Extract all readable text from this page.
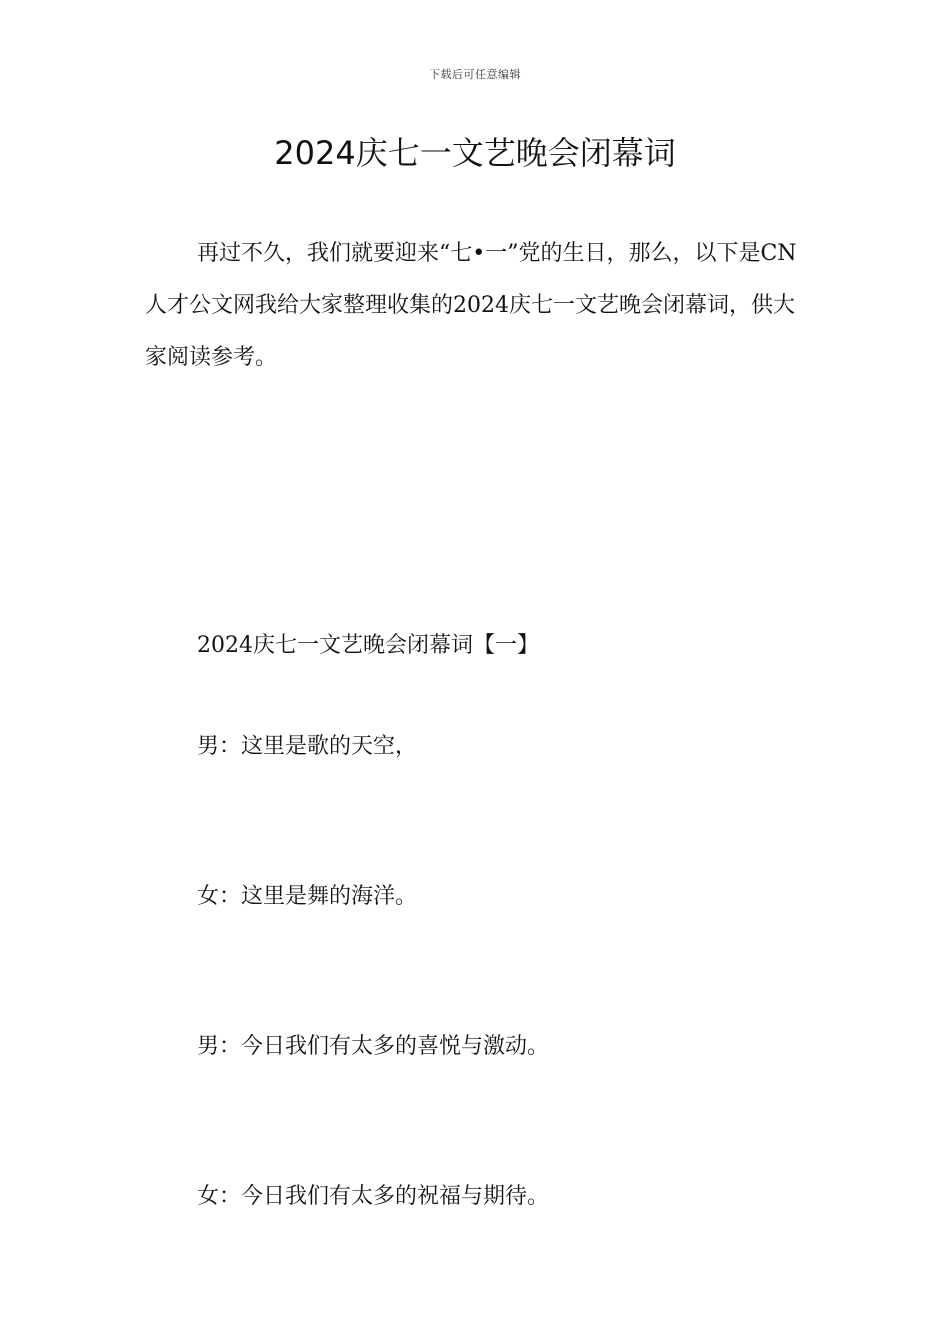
下载后可任意编辑
2024庆七一文艺晚会闭幕词

再过不久，我们就要迎来“七•一”党的生日，那么，以下是CN人才公文网我给大家整理收集的2024庆七一文艺晚会闭幕词，供大家阅读参考。

2024庆七一文艺晚会闭幕词【一】

男：这里是歌的天空，

女：这里是舞的海洋。

男：今日我们有太多的喜悦与激动。

女：今日我们有太多的祝福与期待。
